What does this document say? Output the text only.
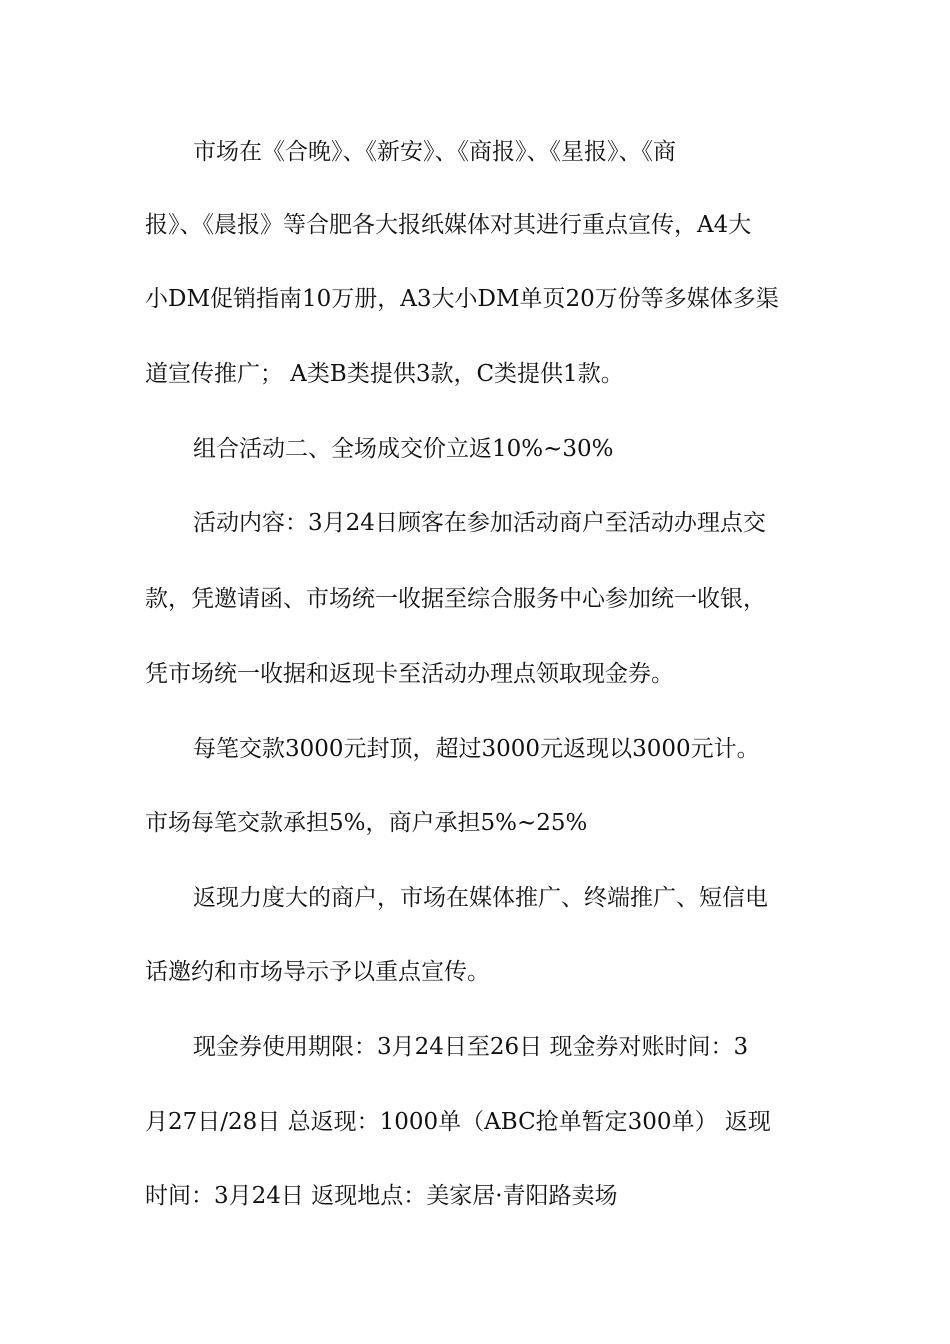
市场在《合晚》、《新安》、《商报》、《星报》、《商

报》、《晨报》等合肥各大报纸媒体对其进行重点宣传，A4大

小DM促销指南10万册，A3大小DM单页20万份等多媒体多渠

道宣传推广； A类B类提供3款，C类提供1款。

组合活动二、全场成交价立返10%~30%

活动内容：3月24日顾客在参加活动商户至活动办理点交

款，凭邀请函、市场统一收据至综合服务中心参加统一收银，

凭市场统一收据和返现卡至活动办理点领取现金券。

每笔交款3000元封顶，超过3000元返现以3000元计。

市场每笔交款承担5%，商户承担5%~25%

返现力度大的商户，市场在媒体推广、终端推广、短信电

话邀约和市场导示予以重点宣传。

现金券使用期限：3月24日至26日 现金券对账时间：3

月27日/28日 总返现：1000单（ABC抢单暂定300单） 返现

时间：3月24日 返现地点：美家居·青阳路卖场
